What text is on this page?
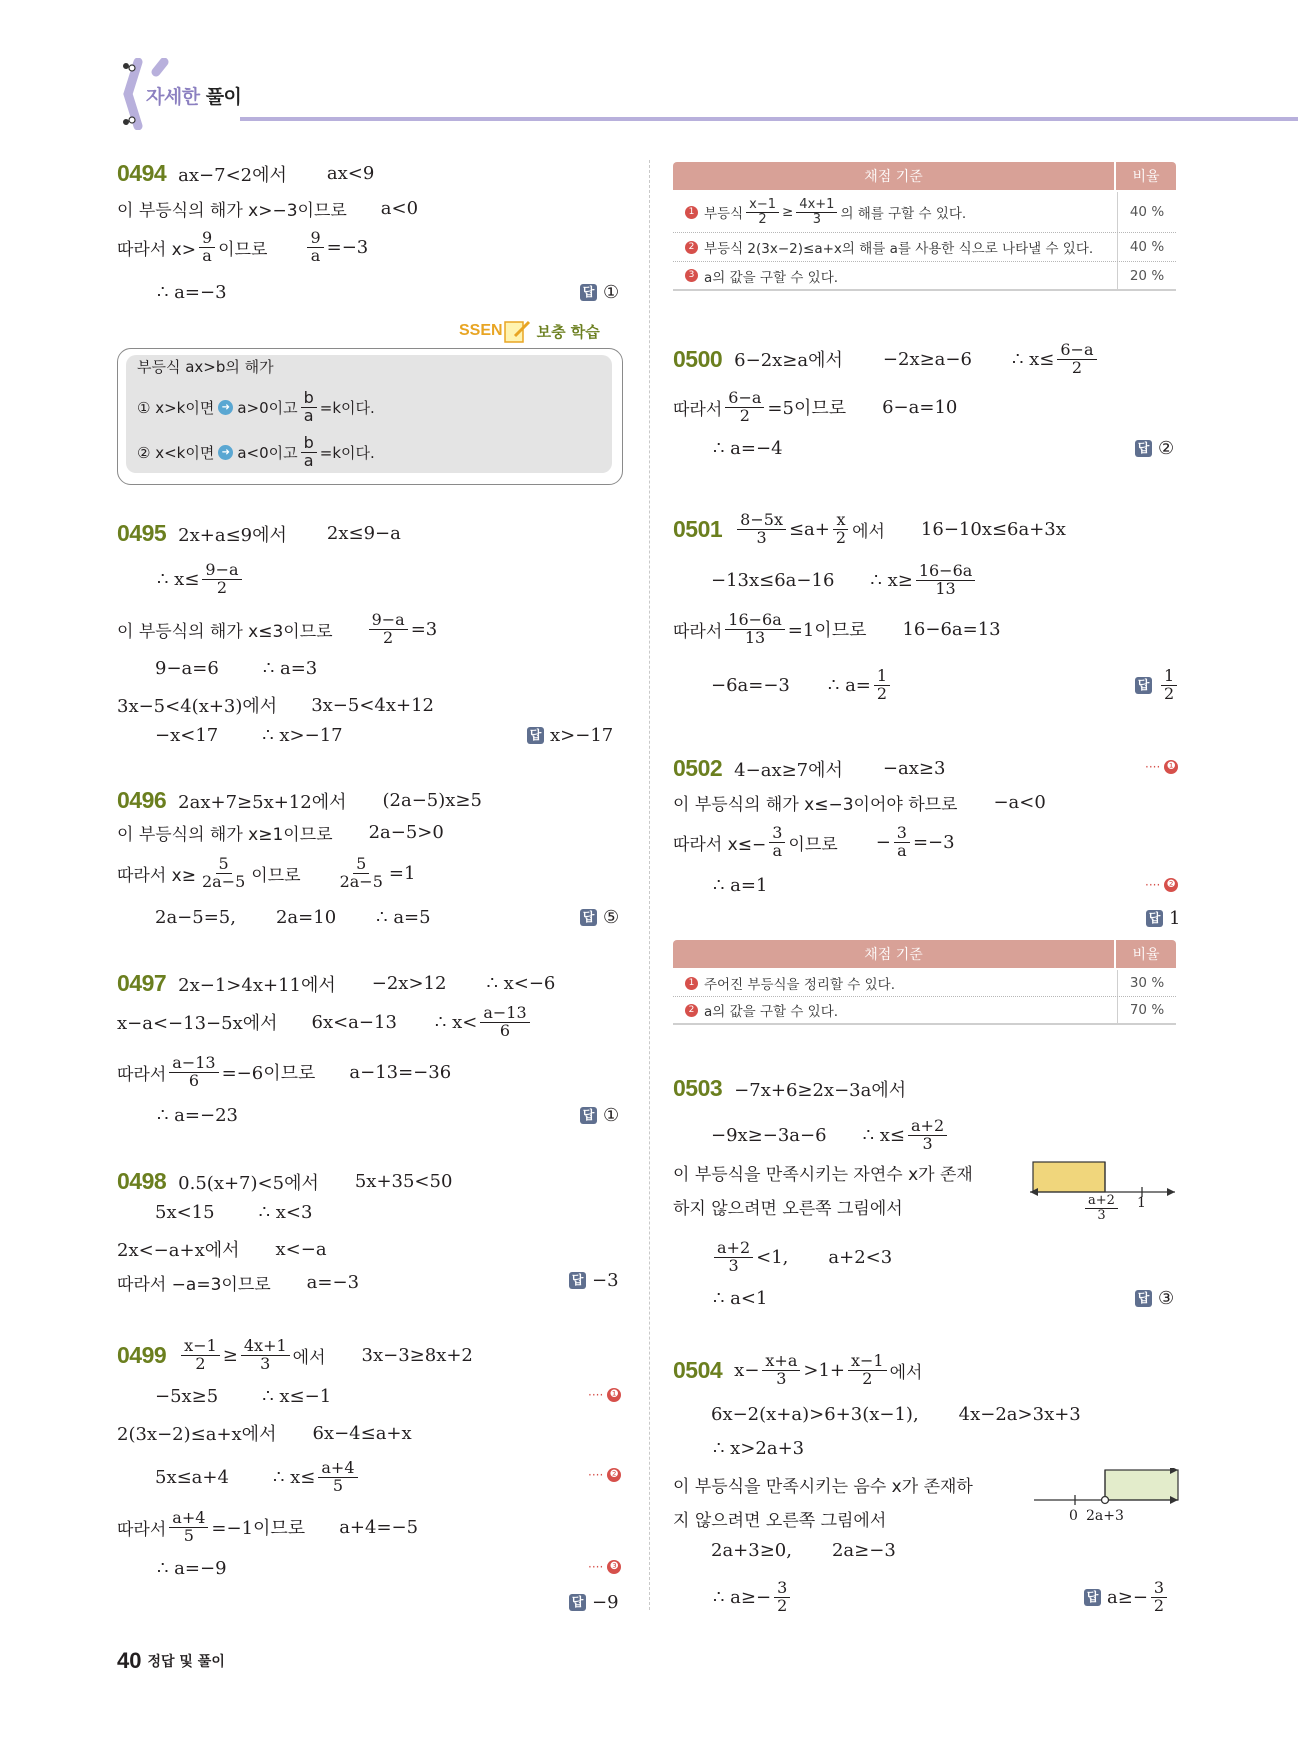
자세한 풀이
0494 ax−7<2에서 ax<9
이 부등식의 해가 x>−3이므로 a<0
따라서 $x> \frac{9}{a}$ 이므로	$\frac{9}{a} =-3$
∴ a=−3	답 ①
SSEN 보충 학습
부등식 ax>b의 해가
① x>k이면 ➜ a>0이고 $\frac{b}{a} =k$이다.
② x<k이면 ➜ a<0이고 $\frac{b}{a} =k$이다.
0495 2x+a≤9에서 2x≤9−a
∴ $x\le \frac{9-a}{2}$
이 부등식의 해가 x≤3이므로 $\frac{9-a}{2} =3$
9−a=6 ∴ a=3
3x−5<4(x+3)에서 3x−5<4x+12
−x<17 ∴ x>−17	답 x>−17
0496 2ax+7≥5x+12에서 (2a−5)x≥5
이 부등식의 해가 x≥1이므로 2a−5>0
따라서 $x\ge \frac{5}{2a-5}$ 이므로 $\frac{5}{2a-5} =1$
2a−5=5, 2a=10 ∴ a=5	답 ⑤
0497 2x−1>4x+11에서 −2x>12 ∴ x<−6
x−a<−13−5x에서 6x<a−13 ∴ $x< \frac{a-13}{6}$
따라서 $\frac{a-13}{6} =-6$이므로 a−13=−36
∴ a=−23	답 ①
0498 0.5(x+7)<5에서 5x+35<50
5x<15 ∴ x<3
2x<−a+x에서 x<−a
따라서 −a=3이므로 a=−3	답 −3
$0499 \frac{x-1}{2} \ge \frac{4x+1}{3}$ 에서 3x−3≥8x+2
−5x≥5 ∴ x≤−1	···· ❶
2(3x−2)≤a+x에서 6x−4≤a+x
5x≤a+4 ∴ $x\le \frac{a+4}{5}$	···· ❷
따라서 $\frac{a+4}{5} =-1$이므로 a+4=−5
∴ a=−9	···· ❸
답 −9
채점 기준	비율
1 부등식 $\frac{x-1}{2} \ge \frac{4x+1}{3}$ 의 해를 구할 수 있다.	40 %
2 부등식 2(3x−2)≤a+x의 해를 a를 사용한 식으로 나타낼 수 있다.	40 %
3 a의 값을 구할 수 있다.	20 %
0500 6−2x≥a에서 −2x≥a−6 ∴ $x\le \frac{6-a}{2}$
따라서 $\frac{6-a}{2} =5$이므로 6−a=10
∴ a=−4	답 ②
$0501 \frac{8-5x}{3} \le a+ \frac{x}{2}$ 에서 16−10x≤6a+3x
−13x≤6a−16 ∴ $x\ge \frac{16-6a}{13}$
따라서 $\frac{16-6a}{13} =1$이므로 16−6a=13
−6a=−3 ∴ $a= \frac{1}{2}$	답 $\frac{1}{2}$
0502 4−ax≥7에서 −ax≥3	···· ❶
이 부등식의 해가 x≤−3이어야 하므로 −a<0
따라서 $x\le- \frac{3}{a}$ 이므로 − $\frac{3}{a} =-3$
∴ a=1	···· ❷
답 1
채점 기준	비율
1 주어진 부등식을 정리할 수 있다.	30 %
2 a의 값을 구할 수 있다.	70 %
0503 −7x+6≥2x−3a에서
−9x≥−3a−6 ∴ $x\le \frac{a+2}{3}$
이 부등식을 만족시키는 자연수 x가 존재
하지 않으려면 오른쪽 그림에서
$\frac{a+2}{3} <1$, a+2<3
∴ a<1	답 ③
$\frac{a+2}{3} 1$
0504 $x- \frac{x+a}{3} >1+ \frac{x-1}{2}$ 에서
6x−2(x+a)>6+3(x−1), 4x−2a>3x+3
∴ x>2a+3
이 부등식을 만족시키는 음수 x가 존재하
지 않으려면 오른쪽 그림에서
2a+3≥0, 2a≥−3
∴ $a\ge- \frac{3}{2}$	답 $a\ge- \frac{3}{2}$
0 2a+3
40 정답 및 풀이
